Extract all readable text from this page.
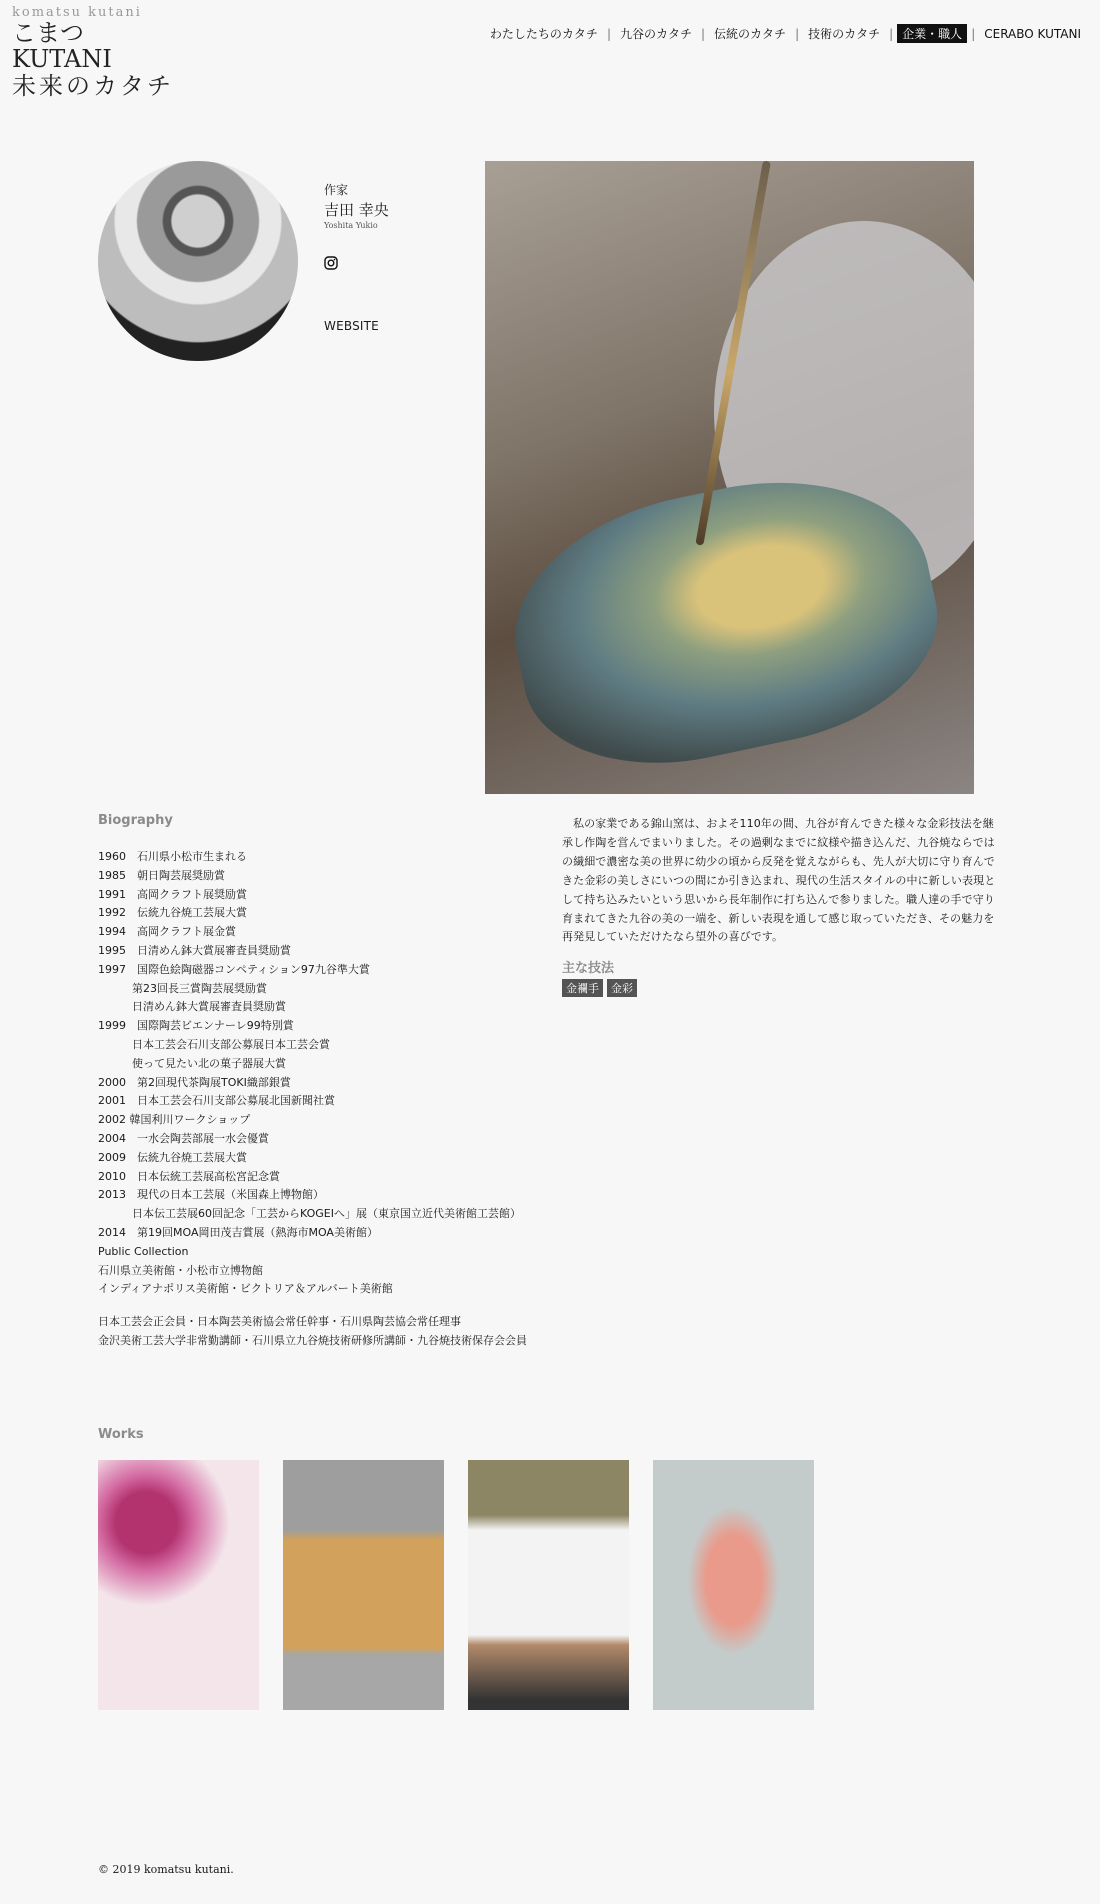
komatsu kutani
こまつKUTANI
未来のカタチ
わたしたちのカタチ | 九谷のカタチ | 伝統のカタチ | 技術のカタチ | 企業・職人 | CERABO KUTANI
作家
吉田 幸央
Yoshita Yukio
WEBSITE
Biography
1960　石川県小松市生まれる
1985　朝日陶芸展奨励賞
1991　高岡クラフト展奨励賞
1992　伝統九谷焼工芸展大賞
1994　高岡クラフト展金賞
1995　日清めん鉢大賞展審査員奨励賞
1997　国際色絵陶磁器コンペティション97九谷準大賞
第23回長三賞陶芸展奨励賞
日清めん鉢大賞展審査員奨励賞
1999　国際陶芸ビエンナーレ99特別賞
日本工芸会石川支部公募展日本工芸会賞
使って見たい北の菓子器展大賞
2000　第2回現代茶陶展TOKI織部銀賞
2001　日本工芸会石川支部公募展北国新聞社賞
2002 韓国利川ワークショップ
2004　一水会陶芸部展一水会優賞
2009　伝統九谷焼工芸展大賞
2010　日本伝統工芸展高松宮記念賞
2013　現代の日本工芸展（米国森上博物館）
日本伝工芸展60回記念「工芸からKOGEIへ」展（東京国立近代美術館工芸館）
2014　第19回MOA岡田茂吉賞展（熱海市MOA美術館）
Public Collection
石川県立美術館・小松市立博物館
インディアナポリス美術館・ビクトリア＆アルバート美術館
日本工芸会正会員・日本陶芸美術協会常任幹事・石川県陶芸協会常任理事
金沢美術工芸大学非常勤講師・石川県立九谷焼技術研修所講師・九谷焼技術保存会会員
私の家業である錦山窯は、およそ110年の間、九谷が育んできた様々な金彩技法を継承し作陶を営んでまいりました。その過剰なまでに紋様や描き込んだ、九谷焼ならではの繊細で濃密な美の世界に幼少の頃から反発を覚えながらも、先人が大切に守り育んできた金彩の美しさにいつの間にか引き込まれ、現代の生活スタイルの中に新しい表現として持ち込みたいという思いから長年制作に打ち込んで参りました。職人達の手で守り育まれてきた九谷の美の一端を、新しい表現を通して感じ取っていただき、その魅力を再発見していただけたなら望外の喜びです。
主な技法
金襴手	金彩
Works
© 2019 komatsu kutani.
